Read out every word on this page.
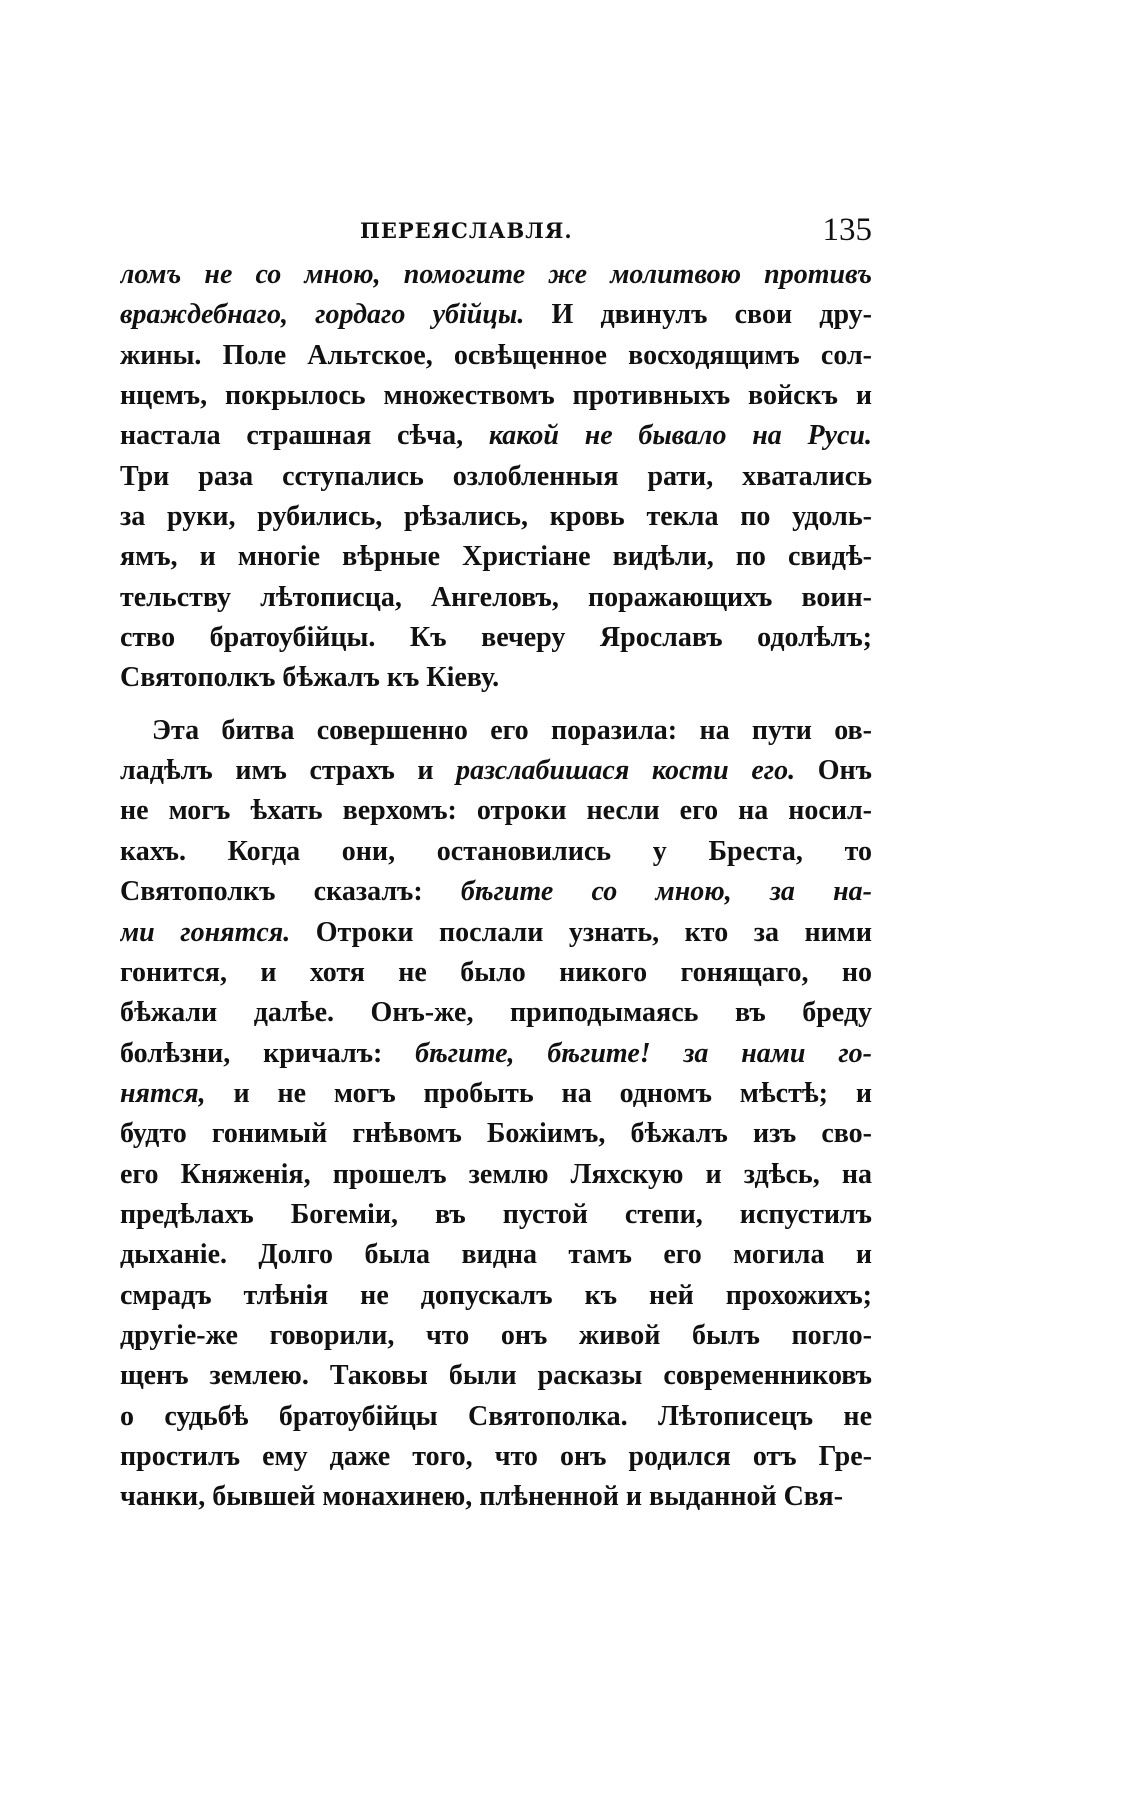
ПЕРЕЯСЛАВЛЯ.	135
ломъ не со мною, помогите же молитвою противъ
враждебнаго, гордаго убійцы. И двинулъ свои дру-
жины. Поле Альтское, освѣщенное восходящимъ сол-
нцемъ, покрылось множествомъ противныхъ войскъ и
настала страшная сѣча, какой не бывало на Руси.
Три раза сступались озлобленныя рати, хватались
за руки, рубились, рѣзались, кровь текла по удоль-
ямъ, и многіе вѣрные Христіане видѣли, по свидѣ-
тельству лѣтописца, Ангеловъ, поражающихъ воин-
ство братоубійцы. Къ вечеру Ярославъ одолѣлъ;
Святополкъ бѣжалъ къ Кіеву.
Эта битва совершенно его поразила: на пути ов-
ладѣлъ имъ страхъ и разслабишася кости его. Онъ
не могъ ѣхать верхомъ: отроки несли его на носил-
кахъ. Когда они, остановились у Бреста, то
Святополкъ сказалъ: бѣгите со мною, за на-
ми гонятся. Отроки послали узнать, кто за ними
гонится, и хотя не было никого гонящаго, но
бѣжали далѣе. Онъ-же, приподымаясь въ бреду
болѣзни, кричалъ: бѣгите, бѣгите! за нами го-
нятся, и не могъ пробыть на одномъ мѣстѣ; и
будто гонимый гнѣвомъ Божіимъ, бѣжалъ изъ сво-
его Княженія, прошелъ землю Ляхскую и здѣсь, на
предѣлахъ Богеміи, въ пустой степи, испустилъ
дыханіе. Долго была видна тамъ его могила и
смрадъ тлѣнія не допускалъ къ ней прохожихъ;
другіе-же говорили, что онъ живой былъ погло-
щенъ землею. Таковы были расказы современниковъ
о судьбѣ братоубійцы Святополка. Лѣтописецъ не
простилъ ему даже того, что онъ родился отъ Гре-
чанки, бывшей монахинею, плѣненной и выданной Свя-
